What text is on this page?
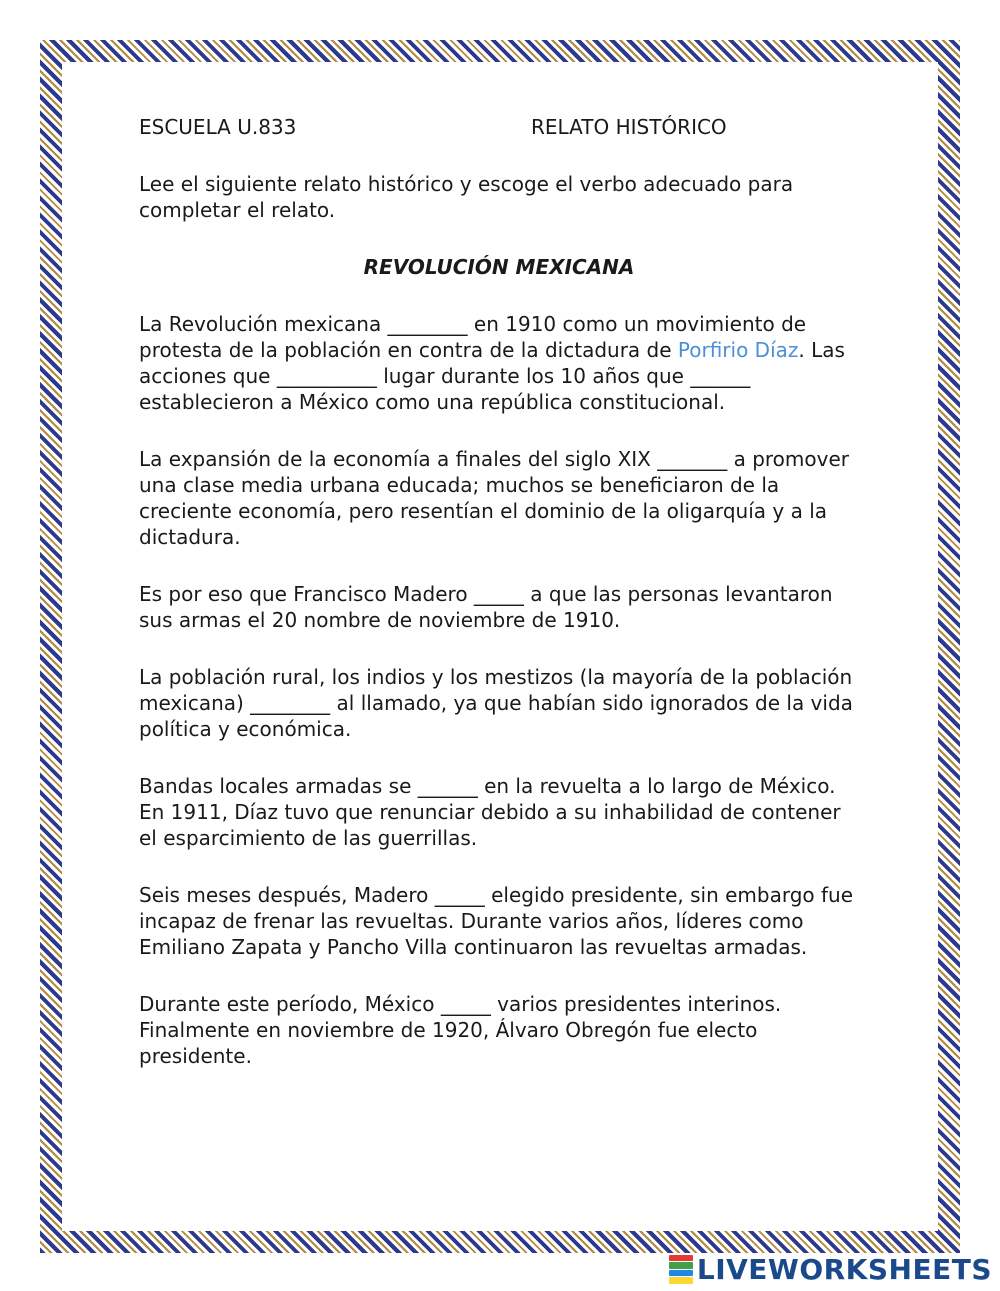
ESCUELA U.833	RELATO HISTÓRICO
Lee el siguiente relato histórico y escoge el verbo adecuado para completar el relato.
REVOLUCIÓN MEXICANA

La Revolución mexicana ________ en 1910 como un movimiento de protesta de la población en contra de la dictadura de Porfirio Díaz. Las acciones que __________ lugar durante los 10 años que ______ establecieron a México como una república constitucional.

La expansión de la economía a finales del siglo XIX _______ a promover una clase media urbana educada; muchos se beneficiaron de la creciente economía, pero resentían el dominio de la oligarquía y a la dictadura.

Es por eso que Francisco Madero _____ a que las personas levantaron sus armas el 20 nombre de noviembre de 1910.

La población rural, los indios y los mestizos (la mayoría de la población mexicana) ________ al llamado, ya que habían sido ignorados de la vida política y económica.

Bandas locales armadas se ______ en la revuelta a lo largo de México. En 1911, Díaz tuvo que renunciar debido a su inhabilidad de contener el esparcimiento de las guerrillas.

Seis meses después, Madero _____ elegido presidente, sin embargo fue incapaz de frenar las revueltas. Durante varios años, líderes como Emiliano Zapata y Pancho Villa continuaron las revueltas armadas.

Durante este período, México _____ varios presidentes interinos. Finalmente en noviembre de 1920, Álvaro Obregón fue electo presidente.

LIVEWORKSHEETS
